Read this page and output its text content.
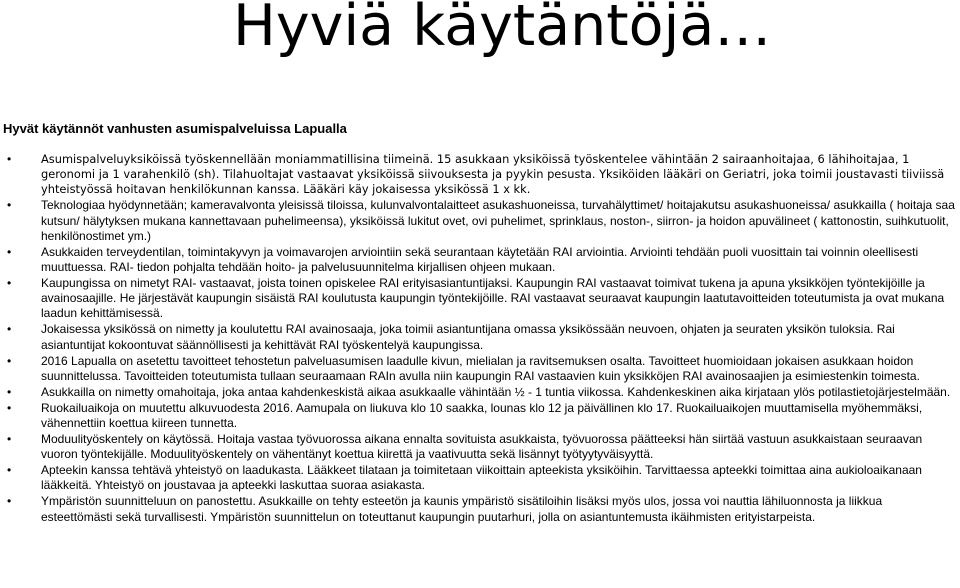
Hyviä käytäntöjä…
Hyvät käytännöt vanhusten asumispalveluissa Lapualla
•	Asumispalveluyksiköissä työskennellään moniammatillisina tiimeinä. 15 asukkaan yksiköissä työskentelee vähintään 2 sairaanhoitajaa, 6 lähihoitajaa, 1 geronomi ja 1 varahenkilö (sh). Tilahuoltajat vastaavat yksiköissä siivouksesta ja pyykin pesusta. Yksiköiden lääkäri on Geriatri, joka toimii joustavasti tiiviissä yhteistyössä hoitavan henkilökunnan kanssa. Lääkäri käy jokaisessa yksikössä 1 x kk.
• Teknologiaa hyödynnetään; kameravalvonta yleisissä tiloissa, kulunvalvontalaitteet asukashuoneissa, turvahälyttimet/ hoitajakutsu asukashuoneissa/ asukkailla ( hoitaja saa kutsun/ hälytyksen mukana kannettavaan puhelimeensa), yksiköissä lukitut ovet, ovi puhelimet, sprinklaus, noston-, siirron- ja hoidon apuvälineet ( kattonostin, suihkutuolit, henkilönostimet ym.)
• Asukkaiden terveydentilan, toimintakyvyn ja voimavarojen arviointiin sekä seurantaan käytetään RAI arviointia. Arviointi tehdään puoli vuosittain tai voinnin oleellisesti muuttuessa. RAI- tiedon pohjalta tehdään hoito- ja palvelusuunnitelma kirjallisen ohjeen mukaan.
• Kaupungissa on nimetyt RAI- vastaavat, joista toinen opiskelee RAI erityisasiantuntijaksi. Kaupungin RAI vastaavat toimivat tukena ja apuna yksikköjen työntekijöille ja avainosaajille. He järjestävät kaupungin sisäistä RAI koulutusta kaupungin työntekijöille. RAI vastaavat seuraavat kaupungin laatutavoitteiden toteutumista ja ovat mukana laadun kehittämisessä.
• Jokaisessa yksikössä on nimetty ja koulutettu RAI avainosaaja, joka toimii asiantuntijana omassa yksikössään neuvoen, ohjaten ja seuraten yksikön tuloksia. Rai asiantuntijat kokoontuvat säännöllisesti ja kehittävät RAI työskentelyä kaupungissa.
• 2016 Lapualla on asetettu tavoitteet tehostetun palveluasumisen laadulle kivun, mielialan ja ravitsemuksen osalta. Tavoitteet huomioidaan jokaisen asukkaan hoidon suunnittelussa. Tavoitteiden toteutumista tullaan seuraamaan RAIn avulla niin kaupungin RAI vastaavien kuin yksikköjen RAI avainosaajien ja esimiestenkin toimesta.
• Asukkailla on nimetty omahoitaja, joka antaa kahdenkeskistä aikaa asukkaalle vähintään ½ - 1 tuntia viikossa. Kahdenkeskinen aika kirjataan ylös potilastietojärjestelmään.
• Ruokailuaikoja on muutettu alkuvuodesta 2016. Aamupala on liukuva klo 10 saakka, lounas klo 12 ja päivällinen klo 17. Ruokailuaikojen muuttamisella myöhemmäksi, vähennettiin koettua kiireen tunnetta.
• Moduulityöskentely on käytössä. Hoitaja vastaa työvuorossa aikana ennalta sovituista asukkaista, työvuorossa päätteeksi hän siirtää vastuun asukkaistaan seuraavan vuoron työntekijälle. Moduulityöskentely on vähentänyt koettua kiirettä ja vaativuutta sekä lisännyt työtyytyväisyyttä.
• Apteekin kanssa tehtävä yhteistyö on laadukasta. Lääkkeet tilataan ja toimitetaan viikoittain apteekista yksiköihin. Tarvittaessa apteekki toimittaa aina aukioloaikanaan lääkkeitä. Yhteistyö on joustavaa ja apteekki laskuttaa suoraa asiakasta.
• Ympäristön suunnitteluun on panostettu. Asukkaille on tehty esteetön ja kaunis ympäristö sisätiloihin lisäksi myös ulos, jossa voi nauttia lähiluonnosta ja liikkua esteettömästi sekä turvallisesti. Ympäristön suunnittelun on toteuttanut kaupungin puutarhuri, jolla on asiantuntemusta ikäihmisten erityistarpeista.
